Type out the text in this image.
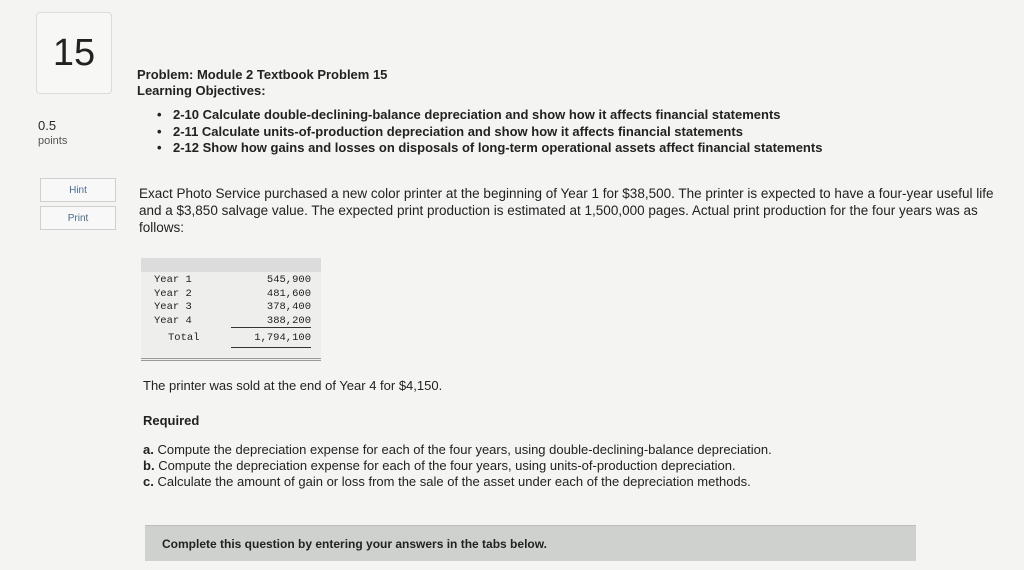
15
0.5
points
Hint
Print
Problem: Module 2 Textbook Problem 15
Learning Objectives:
• 2-10 Calculate double-declining-balance depreciation and show how it affects financial statements
• 2-11 Calculate units-of-production depreciation and show how it affects financial statements
• 2-12 Show how gains and losses on disposals of long-term operational assets affect financial statements
Exact Photo Service purchased a new color printer at the beginning of Year 1 for $38,500. The printer is expected to have a four-year useful life and a $3,850 salvage value. The expected print production is estimated at 1,500,000 pages. Actual print production for the four years was as follows:
Year 1	545,900
Year 2	481,600
Year 3	378,400
Year 4	388,200
Total	1,794,100
The printer was sold at the end of Year 4 for $4,150.
Required
a. Compute the depreciation expense for each of the four years, using double-declining-balance depreciation.
b. Compute the depreciation expense for each of the four years, using units-of-production depreciation.
c. Calculate the amount of gain or loss from the sale of the asset under each of the depreciation methods.
Complete this question by entering your answers in the tabs below.
